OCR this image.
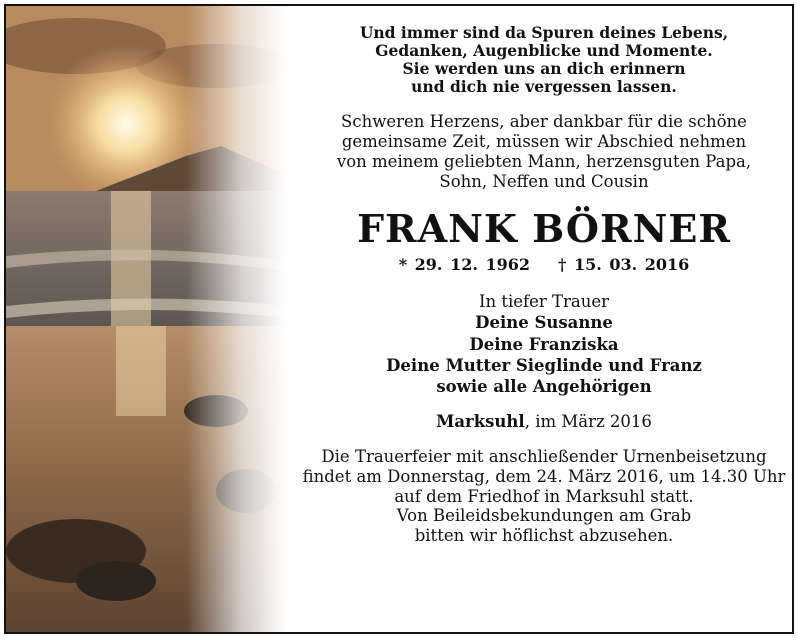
Und immer sind da Spuren deines Lebens,
Gedanken, Augenblicke und Momente.
Sie werden uns an dich erinnern
und dich nie vergessen lassen.
Schweren Herzens, aber dankbar für die schöne
gemeinsame Zeit, müssen wir Abschied nehmen
von meinem geliebten Mann, herzensguten Papa,
Sohn, Neffen und Cousin
FRANK BÖRNER
* 29. 12. 1962 † 15. 03. 2016
In tiefer Trauer
Deine Susanne
Deine Franziska
Deine Mutter Sieglinde und Franz
sowie alle Angehörigen
Marksuhl, im März 2016
Die Trauerfeier mit anschließender Urnenbeisetzung
findet am Donnerstag, dem 24. März 2016, um 14.30 Uhr
auf dem Friedhof in Marksuhl statt.
Von Beileidsbekundungen am Grab
bitten wir höflichst abzusehen.
